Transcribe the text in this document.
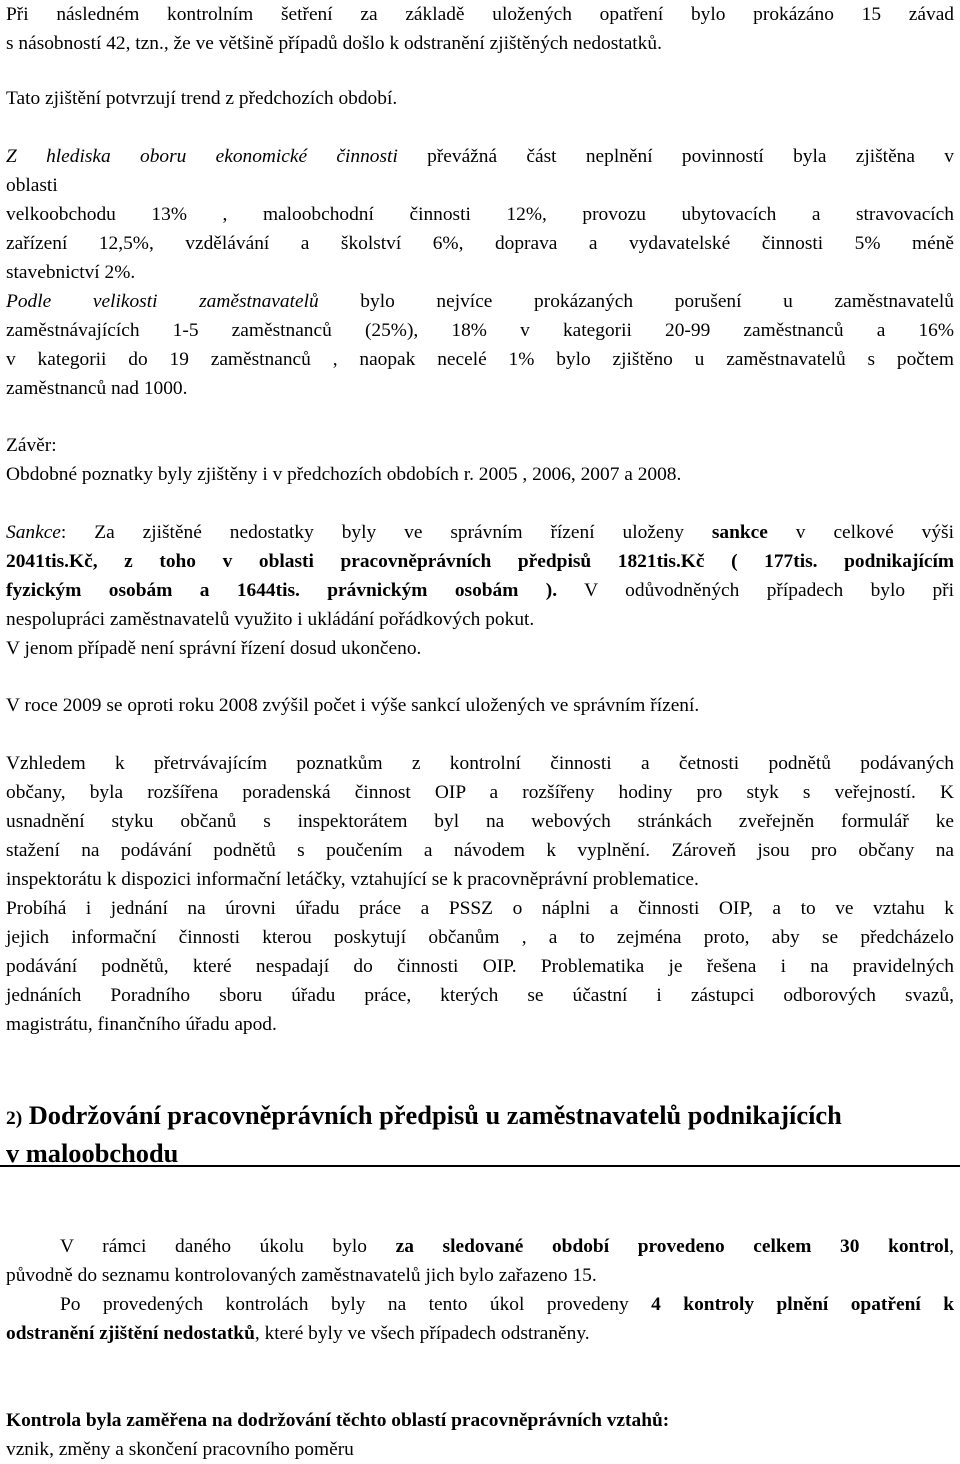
Při následném kontrolním šetření za základě uložených opatření bylo prokázáno 15 závad

s násobností 42, tzn., že ve většině případů došlo k odstranění zjištěných nedostatků.

Tato zjištění potvrzují trend z předchozích období.

Z hlediska oboru ekonomické činnosti převážná část neplnění povinností byla zjištěna v

oblasti

velkoobchodu 13% , maloobchodní činnosti 12%, provozu ubytovacích a stravovacích

zařízení 12,5%, vzdělávání a školství 6%, doprava a vydavatelské činnosti 5% méně

stavebnictví 2%.

Podle velikosti zaměstnavatelů bylo nejvíce prokázaných porušení u zaměstnavatelů

zaměstnávajících 1-5 zaměstnanců (25%), 18% v kategorii 20-99 zaměstnanců a 16%

v kategorii do 19 zaměstnanců , naopak necelé 1% bylo zjištěno u zaměstnavatelů s počtem

zaměstnanců nad 1000.

Závěr:

Obdobné poznatky byly zjištěny i v předchozích obdobích r. 2005 , 2006, 2007 a 2008.

Sankce: Za zjištěné nedostatky byly ve správním řízení uloženy sankce v celkové výši

2041tis.Kč, z toho v oblasti pracovněprávních předpisů 1821tis.Kč ( 177tis. podnikajícím

fyzickým osobám a 1644tis. právnickým osobám ). V odůvodněných případech bylo při

nespolupráci zaměstnavatelů využito i ukládání pořádkových pokut.

V jenom případě není správní řízení dosud ukončeno.

V roce 2009 se oproti roku 2008 zvýšil počet i výše sankcí uložených ve správním řízení.

Vzhledem k přetrvávajícím poznatkům z kontrolní činnosti a četnosti podnětů podávaných

občany, byla rozšířena poradenská činnost OIP a rozšířeny hodiny pro styk s veřejností. K

usnadnění styku občanů s inspektorátem byl na webových stránkách zveřejněn formulář ke

stažení na podávání podnětů s poučením a návodem k vyplnění. Zároveň jsou pro občany na

inspektorátu k dispozici informační letáčky, vztahující se k pracovněprávní problematice.

Probíhá i jednání na úrovni úřadu práce a PSSZ o náplni a činnosti OIP, a to ve vztahu k

jejich informační činnosti kterou poskytují občanům , a to zejména proto, aby se předcházelo

podávání podnětů, které nespadají do činnosti OIP. Problematika je řešena i na pravidelných

jednáních Poradního sboru úřadu práce, kterých se účastní i zástupci odborových svazů,

magistrátu, finančního úřadu apod.

2) Dodržování pracovněprávních předpisů u zaměstnavatelů podnikajících
v maloobchodu

V rámci daného úkolu bylo za sledované období provedeno celkem 30 kontrol,

původně do seznamu kontrolovaných zaměstnavatelů jich bylo zařazeno 15.

Po provedených kontrolách byly na tento úkol provedeny 4 kontroly plnění opatření k

odstranění zjištění nedostatků, které byly ve všech případech odstraněny.

Kontrola byla zaměřena na dodržování těchto oblastí pracovněprávních vztahů:

vznik, změny a skončení pracovního poměru
